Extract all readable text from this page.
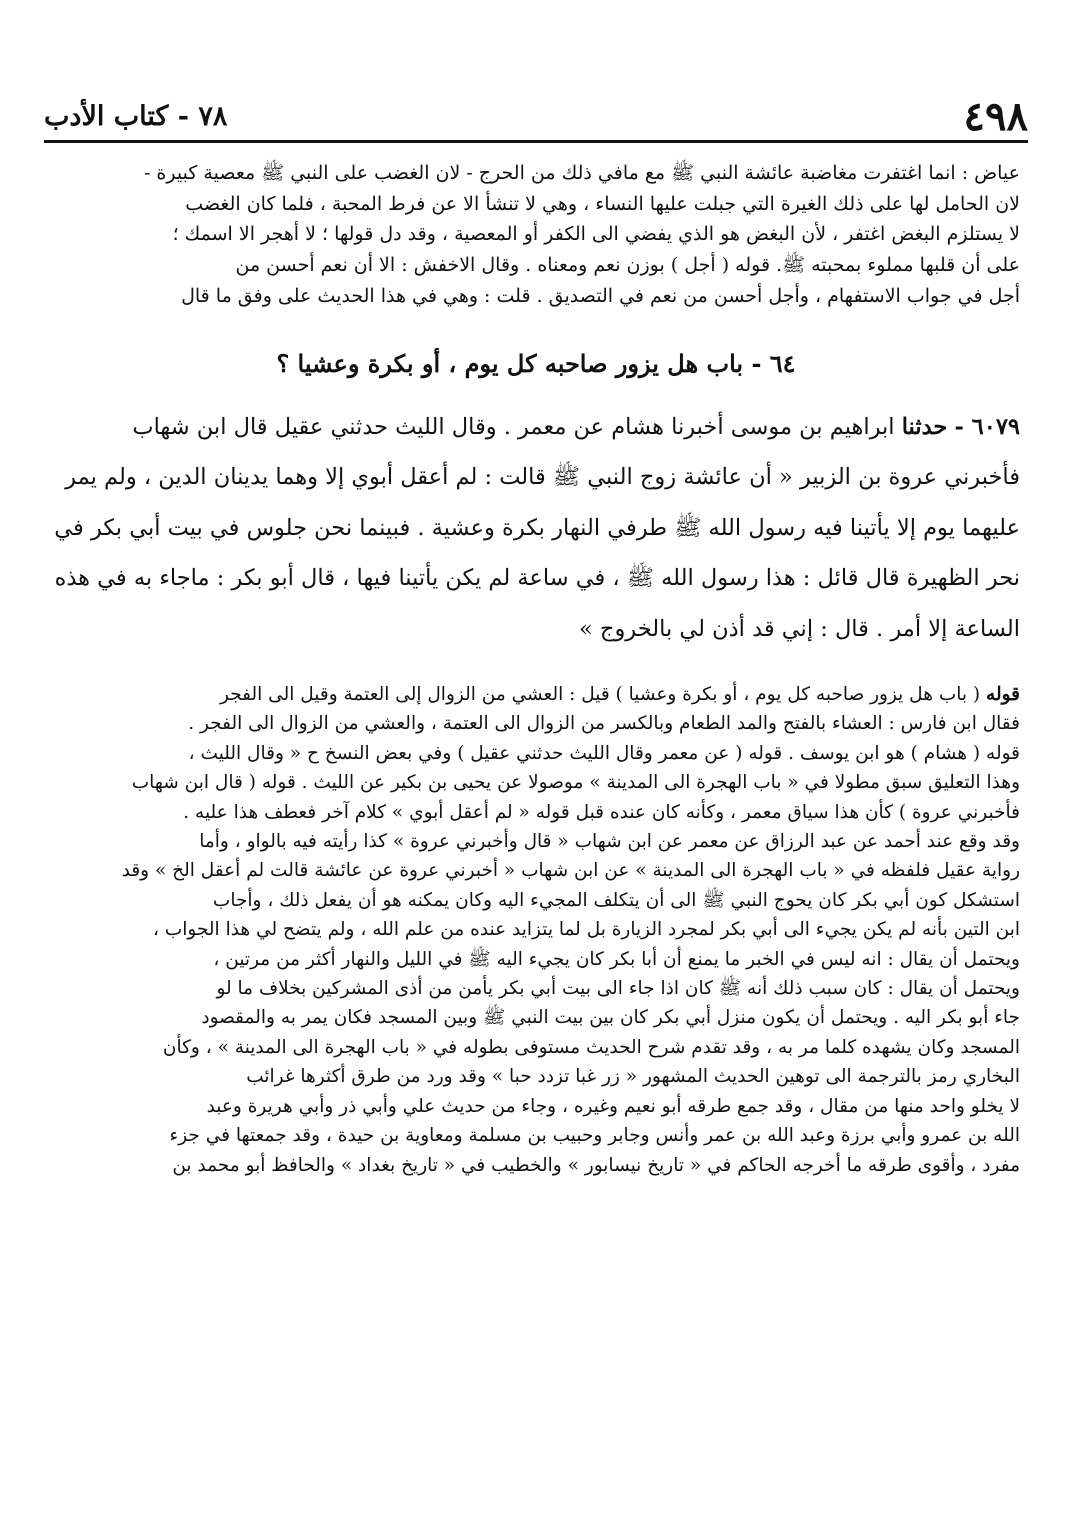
٤٩٨
٧٨ - كتاب الأدب

عياض : انما اغتفرت مغاضبة عائشة النبي ﷺ مع مافي ذلك من الحرج - لان الغضب على النبي ﷺ معصية كبيرة -

لان الحامل لها على ذلك الغيرة التي جبلت عليها النساء ، وهي لا تنشأ الا عن فرط المحبة ، فلما كان الغضب

لا يستلزم البغض اغتفر ، لأن البغض هو الذي يفضي الى الكفر أو المعصية ، وقد دل قولها ؛ لا أهجر الا اسمك ؛

على أن قلبها مملوء بمحبته ﷺ. قوله ( أجل ) بوزن نعم ومعناه . وقال الاخفش : الا أن نعم أحسن من

أجل في جواب الاستفهام ، وأجل أحسن من نعم في التصديق . قلت : وهي في هذا الحديث على وفق ما قال

٦٤ - باب هل يزور صاحبه كل يوم ، أو بكرة وعشيا ؟

٦٠٧٩ - حدثنا ابراهيم بن موسى أخبرنا هشام عن معمر . وقال الليث حدثني عقيل قال ابن شهاب

فأخبرني عروة بن الزبير « أن عائشة زوج النبي ﷺ قالت : لم أعقل أبوي إلا وهما يدينان الدين ، ولم يمر

عليهما يوم إلا يأتينا فيه رسول الله ﷺ طرفي النهار بكرة وعشية . فبينما نحن جلوس في بيت أبي بكر في

نحر الظهيرة قال قائل : هذا رسول الله ﷺ ، في ساعة لم يكن يأتينا فيها ، قال أبو بكر : ماجاء به في هذه

الساعة إلا أمر . قال : إني قد أذن لي بالخروج »

قوله ( باب هل يزور صاحبه كل يوم ، أو بكرة وعشيا ) قيل : العشي من الزوال إلى العتمة وقيل الى الفجر

فقال ابن فارس : العشاء بالفتح والمد الطعام وبالكسر من الزوال الى العتمة ، والعشي من الزوال الى الفجر .

قوله ( هشام ) هو ابن يوسف . قوله ( عن معمر وقال الليث حدثني عقيل ) وفي بعض النسخ ح « وقال الليث ،

وهذا التعليق سبق مطولا في « باب الهجرة الى المدينة » موصولا عن يحيى بن بكير عن الليث . قوله ( قال ابن شهاب

فأخبرني عروة ) كأن هذا سياق معمر ، وكأنه كان عنده قبل قوله « لم أعقل أبوي » كلام آخر فعطف هذا عليه .

وقد وقع عند أحمد عن عبد الرزاق عن معمر عن ابن شهاب « قال وأخبرني عروة » كذا رأيته فيه بالواو ، وأما

رواية عقيل فلفظه في « باب الهجرة الى المدينة » عن ابن شهاب « أخبرني عروة عن عائشة قالت لم أعقل الخ » وقد

استشكل كون أبي بكر كان يحوج النبي ﷺ الى أن يتكلف المجيء اليه وكان يمكنه هو أن يفعل ذلك ، وأجاب

ابن التين بأنه لم يكن يجيء الى أبي بكر لمجرد الزيارة بل لما يتزايد عنده من علم الله ، ولم يتضح لي هذا الجواب ،

ويحتمل أن يقال : انه ليس في الخبر ما يمنع أن أبا بكر كان يجيء اليه ﷺ في الليل والنهار أكثر من مرتين ،

ويحتمل أن يقال : كان سبب ذلك أنه ﷺ كان اذا جاء الى بيت أبي بكر يأمن من أذى المشركين بخلاف ما لو

جاء أبو بكر اليه . ويحتمل أن يكون منزل أبي بكر كان بين بيت النبي ﷺ وبين المسجد فكان يمر به والمقصود

المسجد وكان يشهده كلما مر به ، وقد تقدم شرح الحديث مستوفى بطوله في « باب الهجرة الى المدينة » ، وكأن

البخاري رمز بالترجمة الى توهين الحديث المشهور « زر غبا تزدد حبا » وقد ورد من طرق أكثرها غرائب

لا يخلو واحد منها من مقال ، وقد جمع طرقه أبو نعيم وغيره ، وجاء من حديث علي وأبي ذر وأبي هريرة وعبد

الله بن عمرو وأبي برزة وعبد الله بن عمر وأنس وجابر وحبيب بن مسلمة ومعاوية بن حيدة ، وقد جمعتها في جزء

مفرد ، وأقوى طرقه ما أخرجه الحاكم في « تاريخ نيسابور » والخطيب في « تاريخ بغداد » والحافظ أبو محمد بن
